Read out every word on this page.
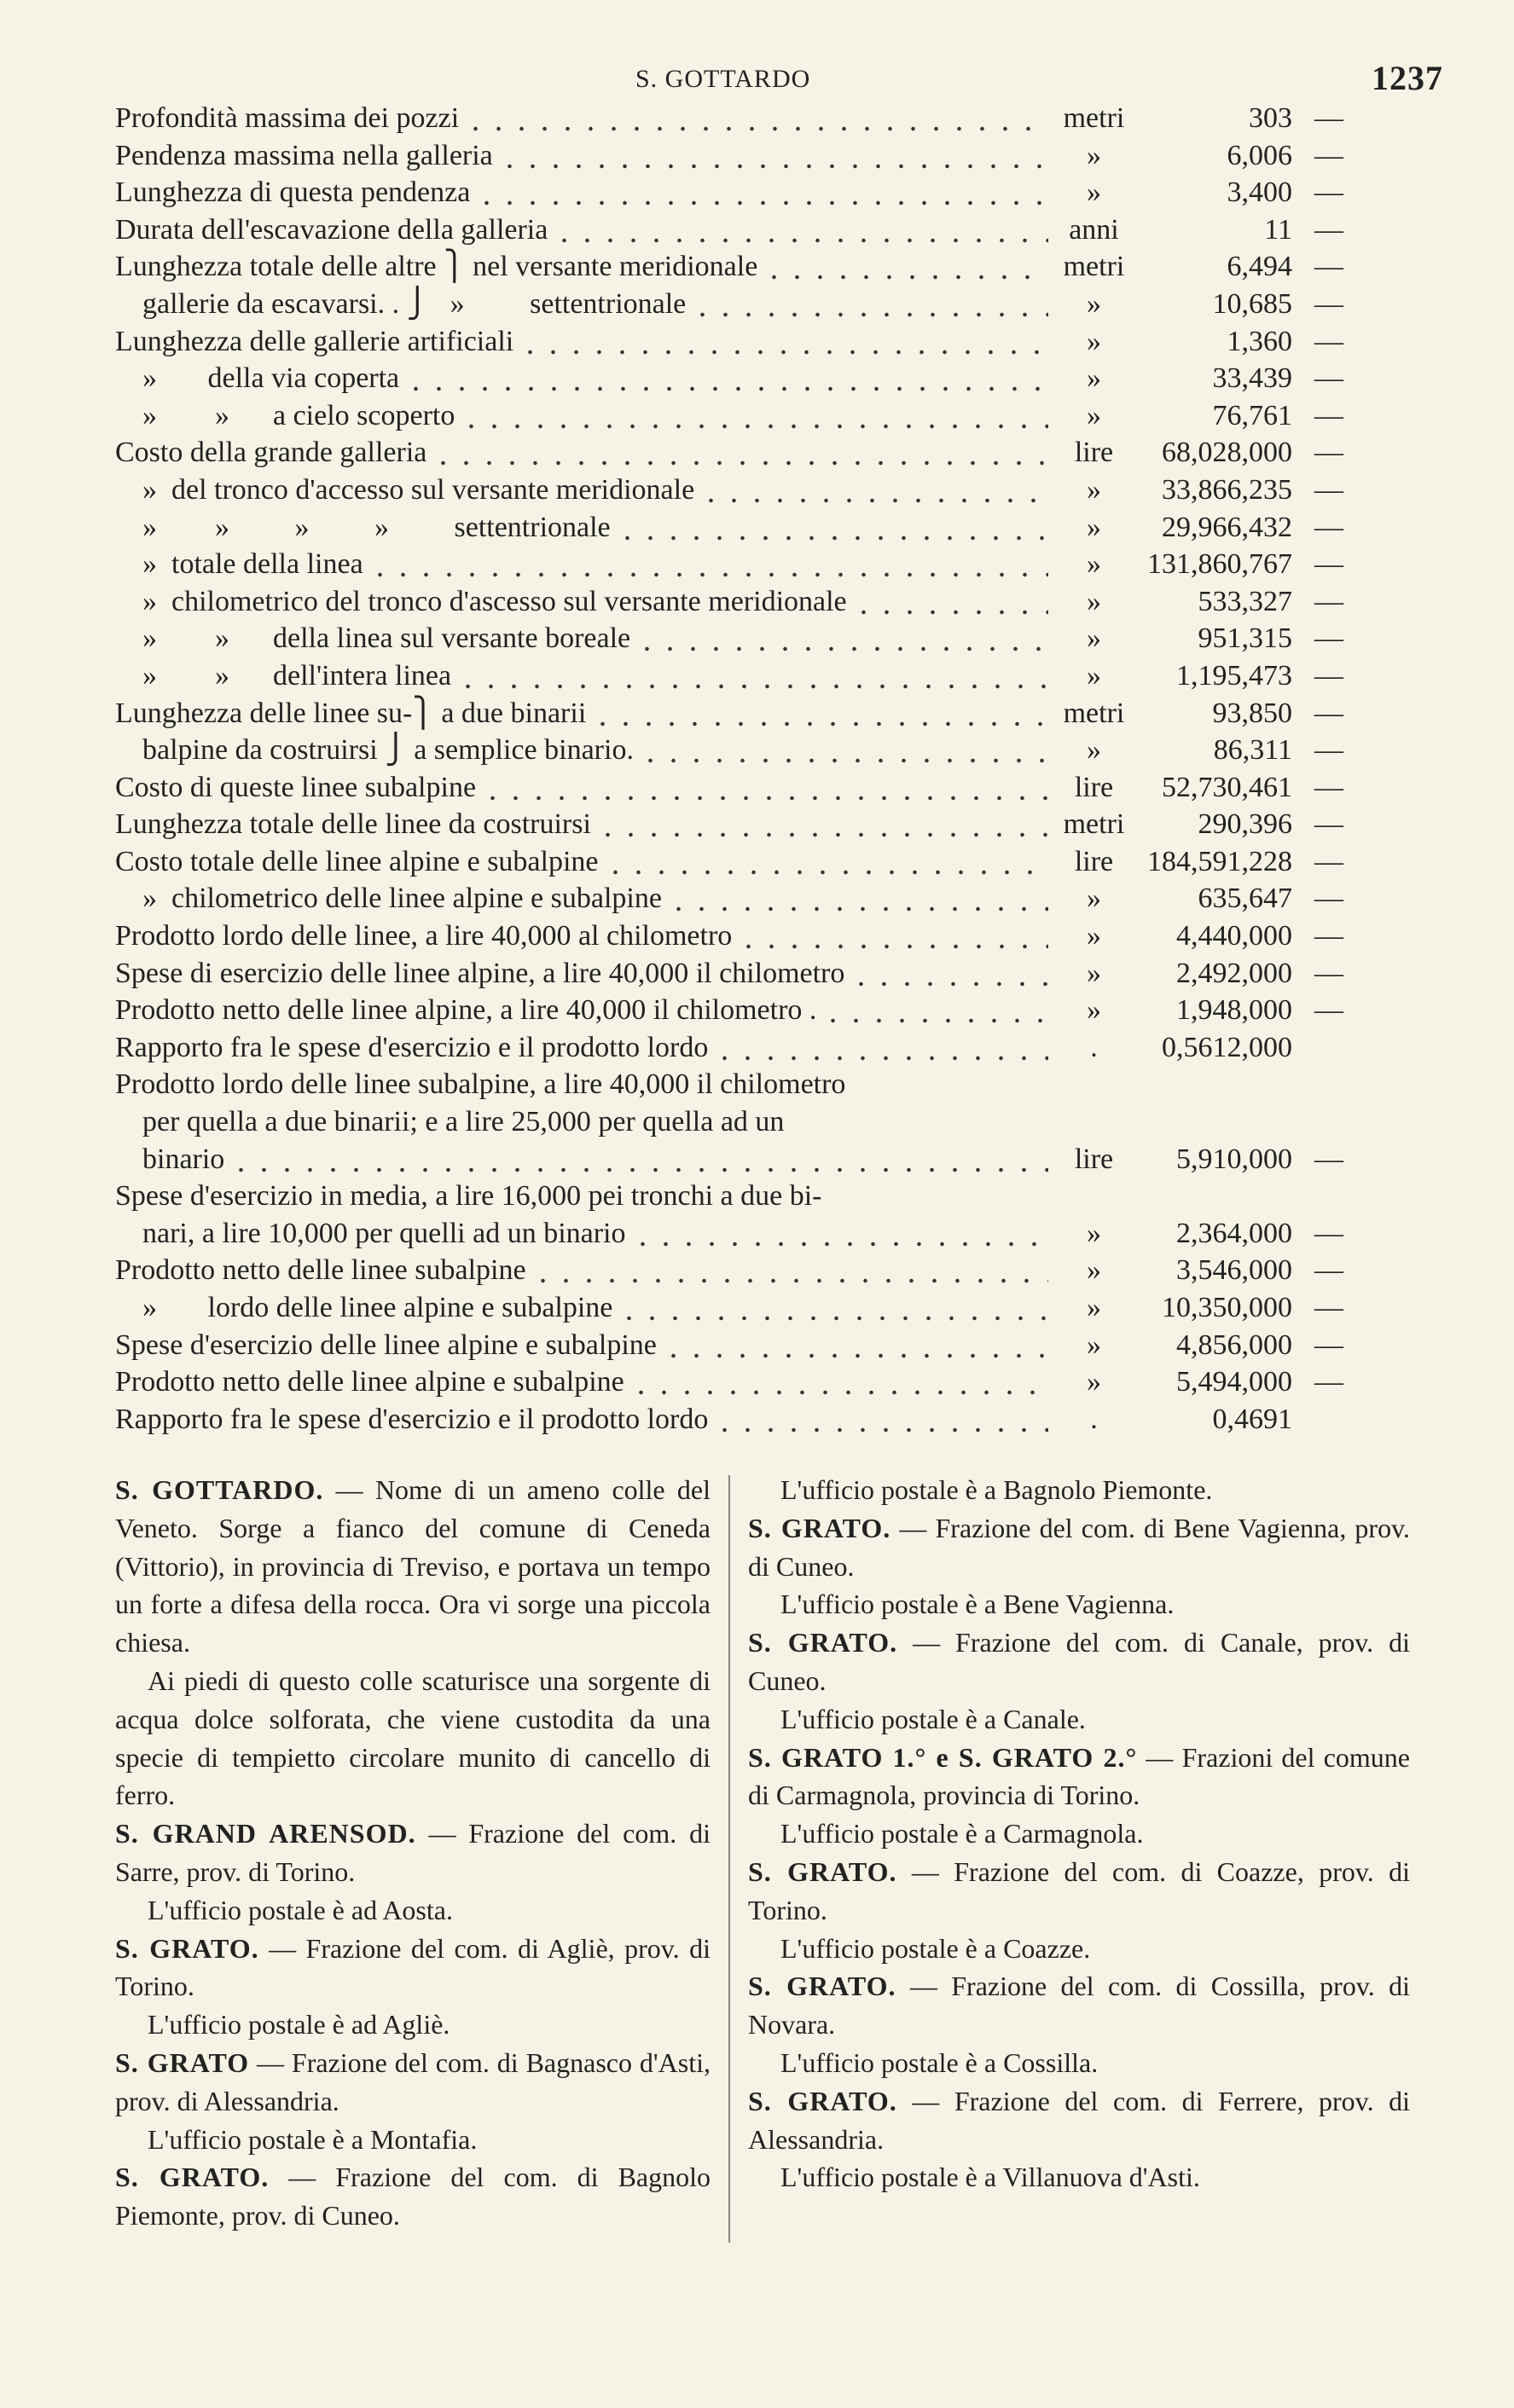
S. GOTTARDO	1237
Profondità massima dei pozzi	metri	303 —
Pendenza massima nella galleria	»	6,006 —
Lunghezza di questa pendenza	»	3,400 —
Durata dell'escavazione della galleria	anni	11 —
Lunghezza totale delle altre ⎫ nel versante meridionale	metri	6,494 —
gallerie da escavarsi. . ⎭   »         settentrionale	»	10,685 —
Lunghezza delle gallerie artificiali	»	1,360 —
»       della via coperta	»	33,439 —
»        »      a cielo scoperto	»	76,761 —
Costo della grande galleria	lire	68,028,000 —
»  del tronco d'accesso sul versante meridionale	»	33,866,235 —
»        »         »         »         settentrionale	»	29,966,432 —
»  totale della linea	»	131,860,767 —
»  chilometrico del tronco d'ascesso sul versante meridionale	»	533,327 —
»        »      della linea sul versante boreale	»	951,315 —
»        »      dell'intera linea	»	1,195,473 —
Lunghezza delle linee su-⎫ a due binarii	metri	93,850 —
balpine da costruirsi ⎭ a semplice binario.	»	86,311 —
Costo di queste linee subalpine	lire	52,730,461 —
Lunghezza totale delle linee da costruirsi	metri	290,396 —
Costo totale delle linee alpine e subalpine	lire	184,591,228 —
»  chilometrico delle linee alpine e subalpine	»	635,647 —
Prodotto lordo delle linee, a lire 40,000 al chilometro	»	4,440,000 —
Spese di esercizio delle linee alpine, a lire 40,000 il chilometro	»	2,492,000 —
Prodotto netto delle linee alpine, a lire 40,000 il chilometro .	»	1,948,000 —
Rapporto fra le spese d'esercizio e il prodotto lordo	.	0,5612,000
Prodotto lordo delle linee subalpine, a lire 40,000 il chilometro
per quella a due binarii; e a lire 25,000 per quella ad un
binario	lire	5,910,000 —
Spese d'esercizio in media, a lire 16,000 pei tronchi a due bi-
nari, a lire 10,000 per quelli ad un binario	»	2,364,000 —
Prodotto netto delle linee subalpine	»	3,546,000 —
»       lordo delle linee alpine e subalpine	»	10,350,000 —
Spese d'esercizio delle linee alpine e subalpine	»	4,856,000 —
Prodotto netto delle linee alpine e subalpine	»	5,494,000 —
Rapporto fra le spese d'esercizio e il prodotto lordo	.	0,4691

S. GOTTARDO. — Nome di un ameno colle del Veneto. Sorge a fianco del comune di Ceneda (Vittorio), in provincia di Treviso, e portava un tempo un forte a difesa della rocca. Ora vi sorge una piccola chiesa.

Ai piedi di questo colle scaturisce una sorgente di acqua dolce solforata, che viene custodita da una specie di tempietto circolare munito di cancello di ferro.

S. GRAND ARENSOD. — Frazione del com. di Sarre, prov. di Torino.

L'ufficio postale è ad Aosta.

S. GRATO. — Frazione del com. di Agliè, prov. di Torino.

L'ufficio postale è ad Agliè.

S. GRATO — Frazione del com. di Bagnasco d'Asti, prov. di Alessandria.

L'ufficio postale è a Montafia.

S. GRATO. — Frazione del com. di Bagnolo Piemonte, prov. di Cuneo.

L'ufficio postale è a Bagnolo Piemonte.

S. GRATO. — Frazione del com. di Bene Vagienna, prov. di Cuneo.

L'ufficio postale è a Bene Vagienna.

S. GRATO. — Frazione del com. di Canale, prov. di Cuneo.

L'ufficio postale è a Canale.

S. GRATO 1.° e S. GRATO 2.° — Frazioni del comune di Carmagnola, provincia di Torino.

L'ufficio postale è a Carmagnola.

S. GRATO. — Frazione del com. di Coazze, prov. di Torino.

L'ufficio postale è a Coazze.

S. GRATO. — Frazione del com. di Cossilla, prov. di Novara.

L'ufficio postale è a Cossilla.

S. GRATO. — Frazione del com. di Ferrere, prov. di Alessandria.

L'ufficio postale è a Villanuova d'Asti.
